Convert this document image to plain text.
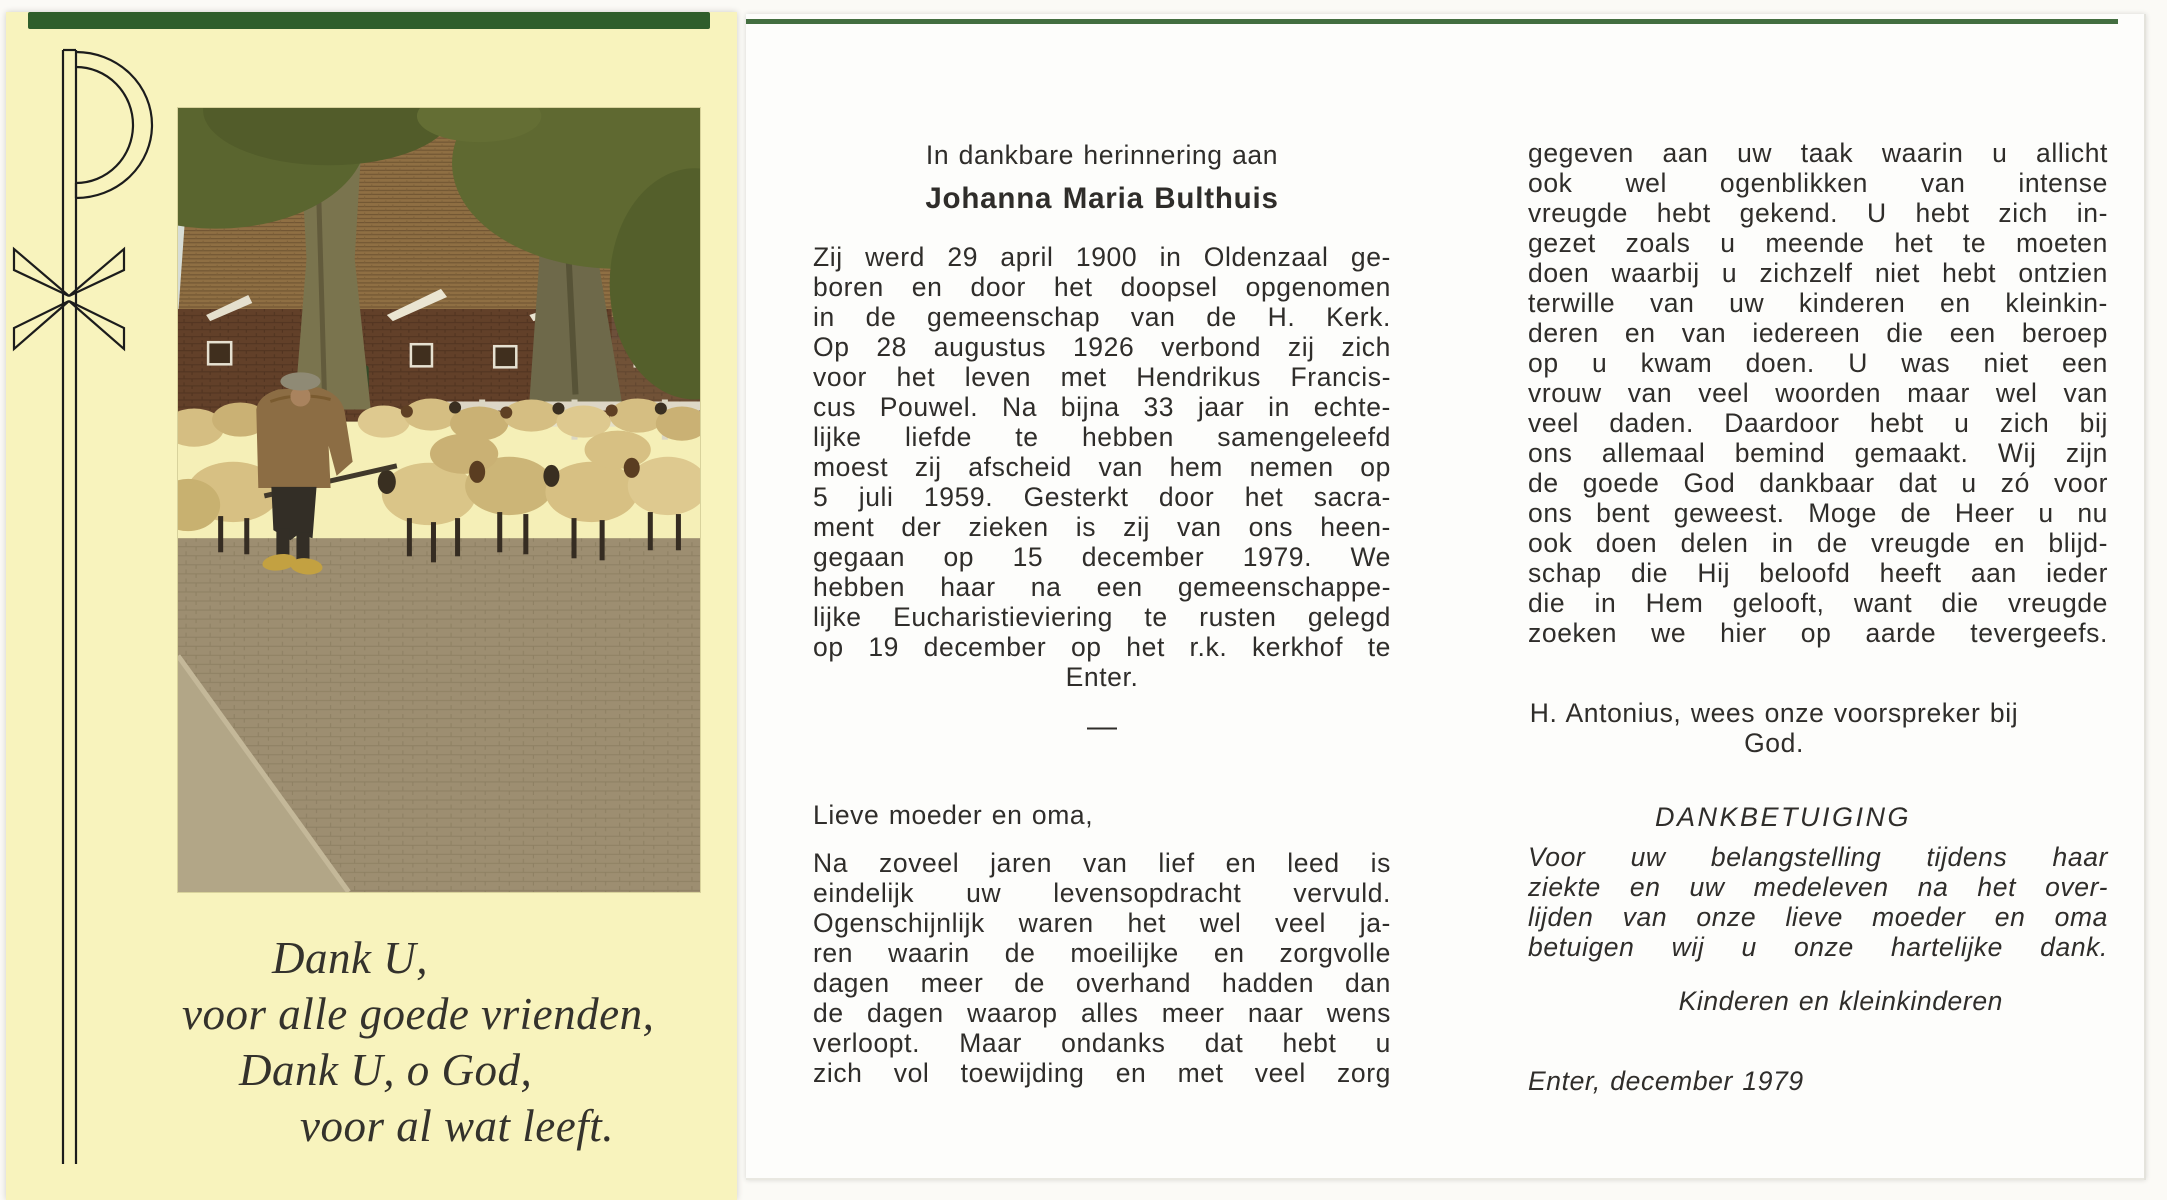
Dank U,
voor alle goede vrienden,
Dank U, o God,
voor al wat leeft.
In dankbare herinnering aan
Johanna Maria Bulthuis
Zij werd 29 april 1900 in Oldenzaal ge-
boren en door het doopsel opgenomen
in de gemeenschap van de H. Kerk.
Op 28 augustus 1926 verbond zij zich
voor het leven met Hendrikus Francis-
cus Pouwel. Na bijna 33 jaar in echte-
lijke liefde te hebben samengeleefd
moest zij afscheid van hem nemen op
5 juli 1959. Gesterkt door het sacra-
ment der zieken is zij van ons heen-
gegaan op 15 december 1979. We
hebben haar na een gemeenschappe-
lijke Eucharistieviering te rusten gelegd
op 19 december op het r.k. kerkhof te
Enter.
—
Lieve moeder en oma,
Na zoveel jaren van lief en leed is
eindelijk uw levensopdracht vervuld.
Ogenschijnlijk waren het wel veel ja-
ren waarin de moeilijke en zorgvolle
dagen meer de overhand hadden dan
de dagen waarop alles meer naar wens
verloopt. Maar ondanks dat hebt u
zich vol toewijding en met veel zorg
gegeven aan uw taak waarin u allicht
ook wel ogenblikken van intense
vreugde hebt gekend. U hebt zich in-
gezet zoals u meende het te moeten
doen waarbij u zichzelf niet hebt ontzien
terwille van uw kinderen en kleinkin-
deren en van iedereen die een beroep
op u kwam doen. U was niet een
vrouw van veel woorden maar wel van
veel daden. Daardoor hebt u zich bij
ons allemaal bemind gemaakt. Wij zijn
de goede God dankbaar dat u zó voor
ons bent geweest. Moge de Heer u nu
ook doen delen in de vreugde en blijd-
schap die Hij beloofd heeft aan ieder
die in Hem gelooft, want die vreugde
zoeken we hier op aarde tevergeefs.
H. Antonius, wees onze voorspreker bij
God.
DANKBETUIGING
Voor uw belangstelling tijdens haar
ziekte en uw medeleven na het over-
lijden van onze lieve moeder en oma
betuigen wij u onze hartelijke dank.
Kinderen en kleinkinderen
Enter, december 1979
